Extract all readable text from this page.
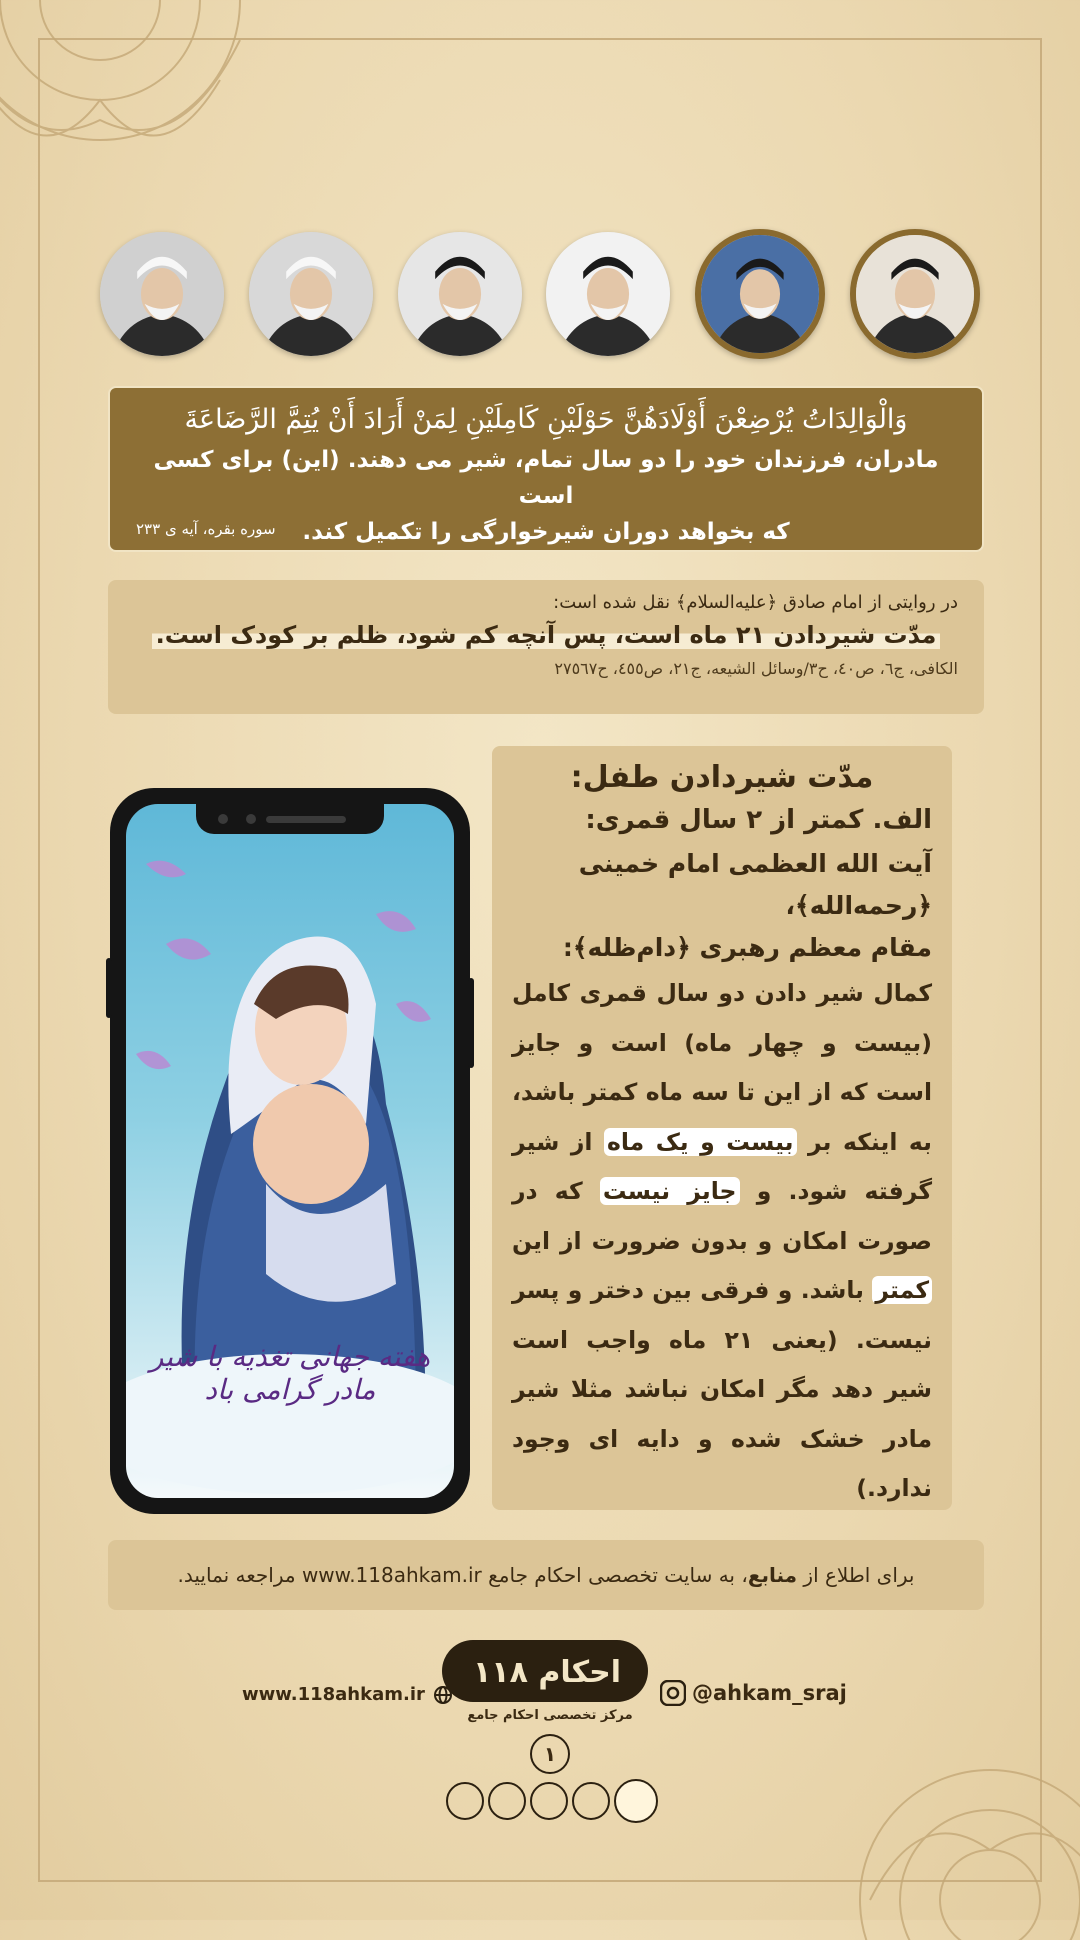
وَالْوَالِدَاتُ يُرْضِعْنَ أَوْلَادَهُنَّ حَوْلَيْنِ كَامِلَيْنِ لِمَنْ أَرَادَ أَنْ يُتِمَّ الرَّضَاعَةَ
مادران، فرزندان خود را دو سال تمام، شیر می دهند. (این) برای کسی است
که بخواهد دوران شیرخوارگی را تکمیل کند.
سوره بقره، آیه ی ۲۳۳
در روایتی از امام صادق ﴿علیه‌السلام﴾ نقل شده است:
مدّت شیردادن ۲۱ ماه است، پس آنچه کم شود، ظلم بر کودک است.
الکافی، ج٦، ص٤٠، ح٣/وسائل الشیعه، ج٢١، ص٤٥٥، ح٢٧٥٦٧
هفته جهانی تغذیه با شیر مادر گرامی باد
مدّت شیردادن طفل:
الف. کمتر از ۲ سال قمری:
آیت الله العظمی امام خمینی ﴿رحمه‌الله﴾،
مقام معظم رهبری ﴿دام‌ظله﴾:
کمال شیر دادن دو سال قمری کامل (بیست و چهار ماه) است و جایز است که از این تا سه ماه کمتر باشد، به اینکه بر بیست و یک ماه از شیر گرفته شود. و جایز نیست که در صورت امکان و بدون ضرورت از این کمتر باشد. و فرقی بین دختر و پسر نیست. (یعنی ۲۱ ماه واجب است شیر دهد مگر امکان نباشد مثلا شیر مادر خشک شده و دایه ای وجود ندارد.)
برای اطلاع از

منابع
، به سایت تخصصی احکام جامع www.118ahkam.ir مراجعه نمایید.
۱۱۸ احکام
مرکز تخصصی احکام جامع
www.118ahkam.ir	@ahkam_sraj
١
